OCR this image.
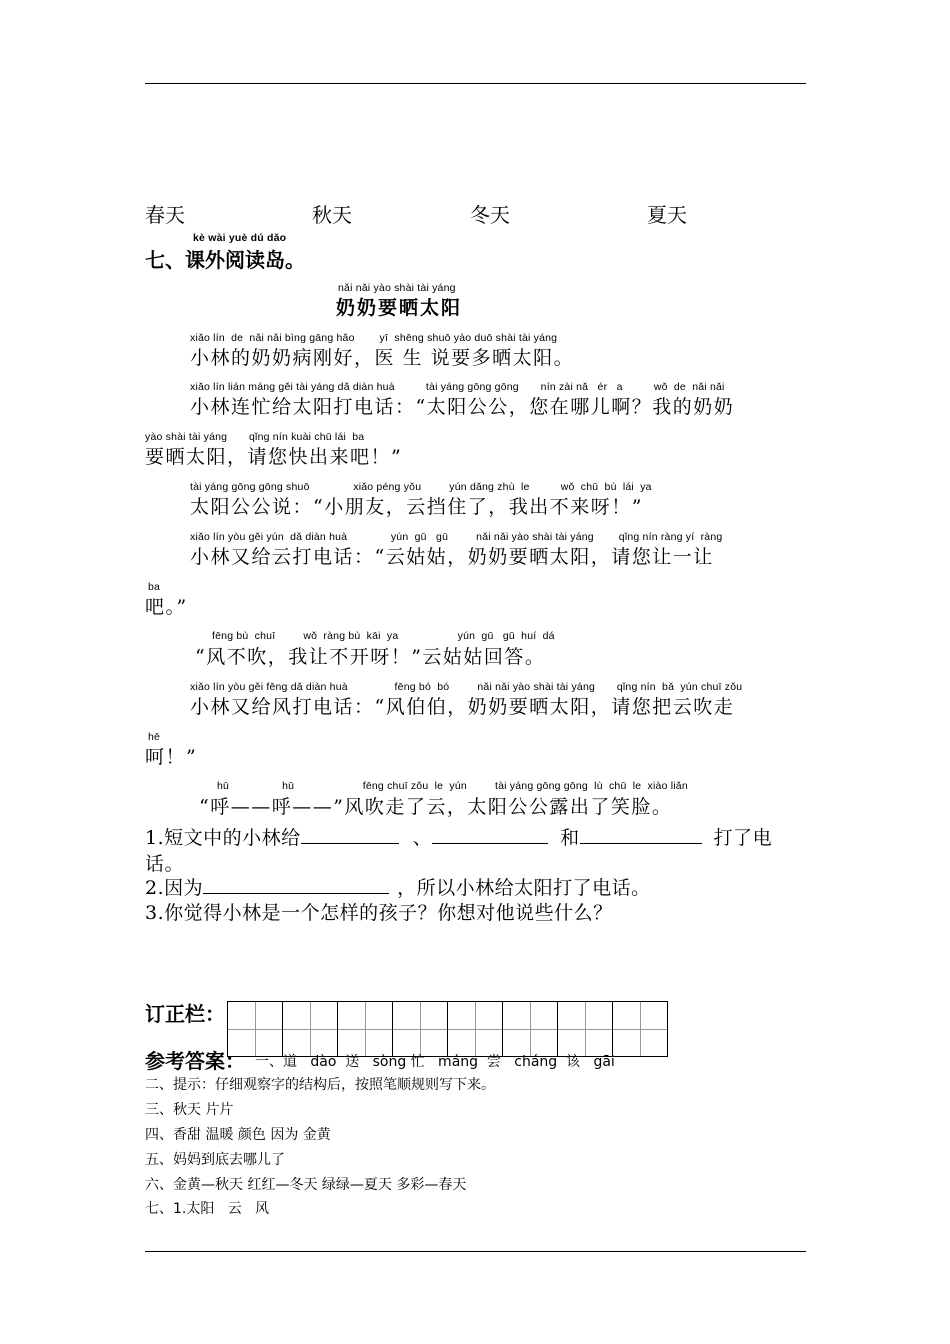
春天	秋天	冬天	夏天
kè wài yuè dú dǎo
七、课外阅读岛。
nǎi nǎi yào shài tài yáng
奶奶要晒太阳
xiǎo lín  de  nǎi nǎi bìng gāng hǎo        yī  shēng shuō yào duō shài tài yáng
小林的奶奶病刚好，医 生 说要多晒太阳。
xiǎo lín lián máng gěi tài yáng dǎ diàn huà          tài yáng gōng gōng       nín zài nǎ   ér   a          wǒ  de  nǎi nǎi
小林连忙给太阳打电话：“太阳公公，您在哪儿啊？我的奶奶
yào shài tài yáng       qǐng nín kuài chū lái  ba
要晒太阳，请您快出来吧！”
tài yáng gōng gōng shuō              xiǎo péng yǒu         yún dǎng zhù  le          wǒ  chū  bù  lái  ya
太阳公公说：“小朋友，云挡住了，我出不来呀！”
xiǎo lín yòu gěi yún  dǎ diàn huà              yún  gū   gū         nǎi nǎi yào shài tài yáng        qǐng nín ràng yí  ràng
小林又给云打电话：“云姑姑，奶奶要晒太阳，请您让一让
ba
吧。”
fēng bù  chuī         wǒ  ràng bù  kāi  ya                   yún  gū   gū  huí  dá
“风不吹，我让不开呀！”云姑姑回答。
xiǎo lín yòu gěi fēng dǎ diàn huà               fēng bó  bó         nǎi nǎi yào shài tài yáng       qǐng nín  bǎ  yún chuī zǒu
小林又给风打电话：“风伯伯，奶奶要晒太阳，请您把云吹走
hē
呵！”
hū                 hū                      fēng chuī zǒu  le  yún         tài yáng gōng gōng  lù  chū  le  xiào liǎn
“呼——呼——”风吹走了云，太阳公公露出了笑脸。
1.短文中的小林给	、	和	打了电
话。
2.因为	，所以小林给太阳打了电话。
3.你觉得小林是一个怎样的孩子？你想对他说些什么？
订正栏：
参考答案： 一、道   dào  送   sòng 忙   máng  尝   cháng  该   gāi
二、提示：仔细观察字的结构后，按照笔顺规则写下来。
三、秋天 片片
四、香甜 温暖 颜色 因为 金黄
五、妈妈到底去哪儿了
六、金黄—秋天 红红—冬天 绿绿—夏天 多彩—春天
七、1.太阳   云   风
